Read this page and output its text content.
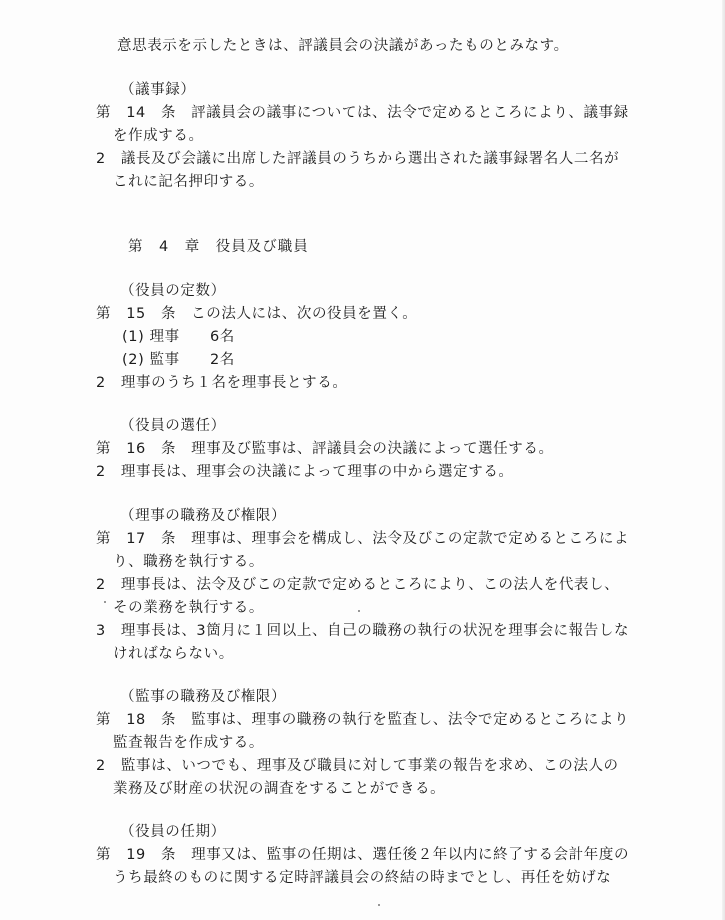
意思表示を示したときは、評議員会の決議があったものとみなす。
（議事録）
第　14　条　評議員会の議事については、法令で定めるところにより、議事録
を作成する。
2　議長及び会議に出席した評議員のうちから選出された議事録署名人二名が
これに記名押印する。
第　4　章　役員及び職員
（役員の定数）
第　15　条　この法人には、次の役員を置く。
(1) 理事　　6名
(2) 監事　　2名
2　理事のうち１名を理事長とする。
（役員の選任）
第　16　条　理事及び監事は、評議員会の決議によって選任する。
2　理事長は、理事会の決議によって理事の中から選定する。
（理事の職務及び権限）
第　17　条　理事は、理事会を構成し、法令及びこの定款で定めるところによ
り、職務を執行する。
2　理事長は、法令及びこの定款で定めるところにより、この法人を代表し、
その業務を執行する。
3　理事長は、3箇月に１回以上、自己の職務の執行の状況を理事会に報告しな
ければならない。
（監事の職務及び権限）
第　18　条　監事は、理事の職務の執行を監査し、法令で定めるところにより
監査報告を作成する。
2　監事は、いつでも、理事及び職員に対して事業の報告を求め、この法人の
業務及び財産の状況の調査をすることができる。
（役員の任期）
第　19　条　理事又は、監事の任期は、選任後２年以内に終了する会計年度の
うち最終のものに関する定時評議員会の終結の時までとし、再任を妨げな
